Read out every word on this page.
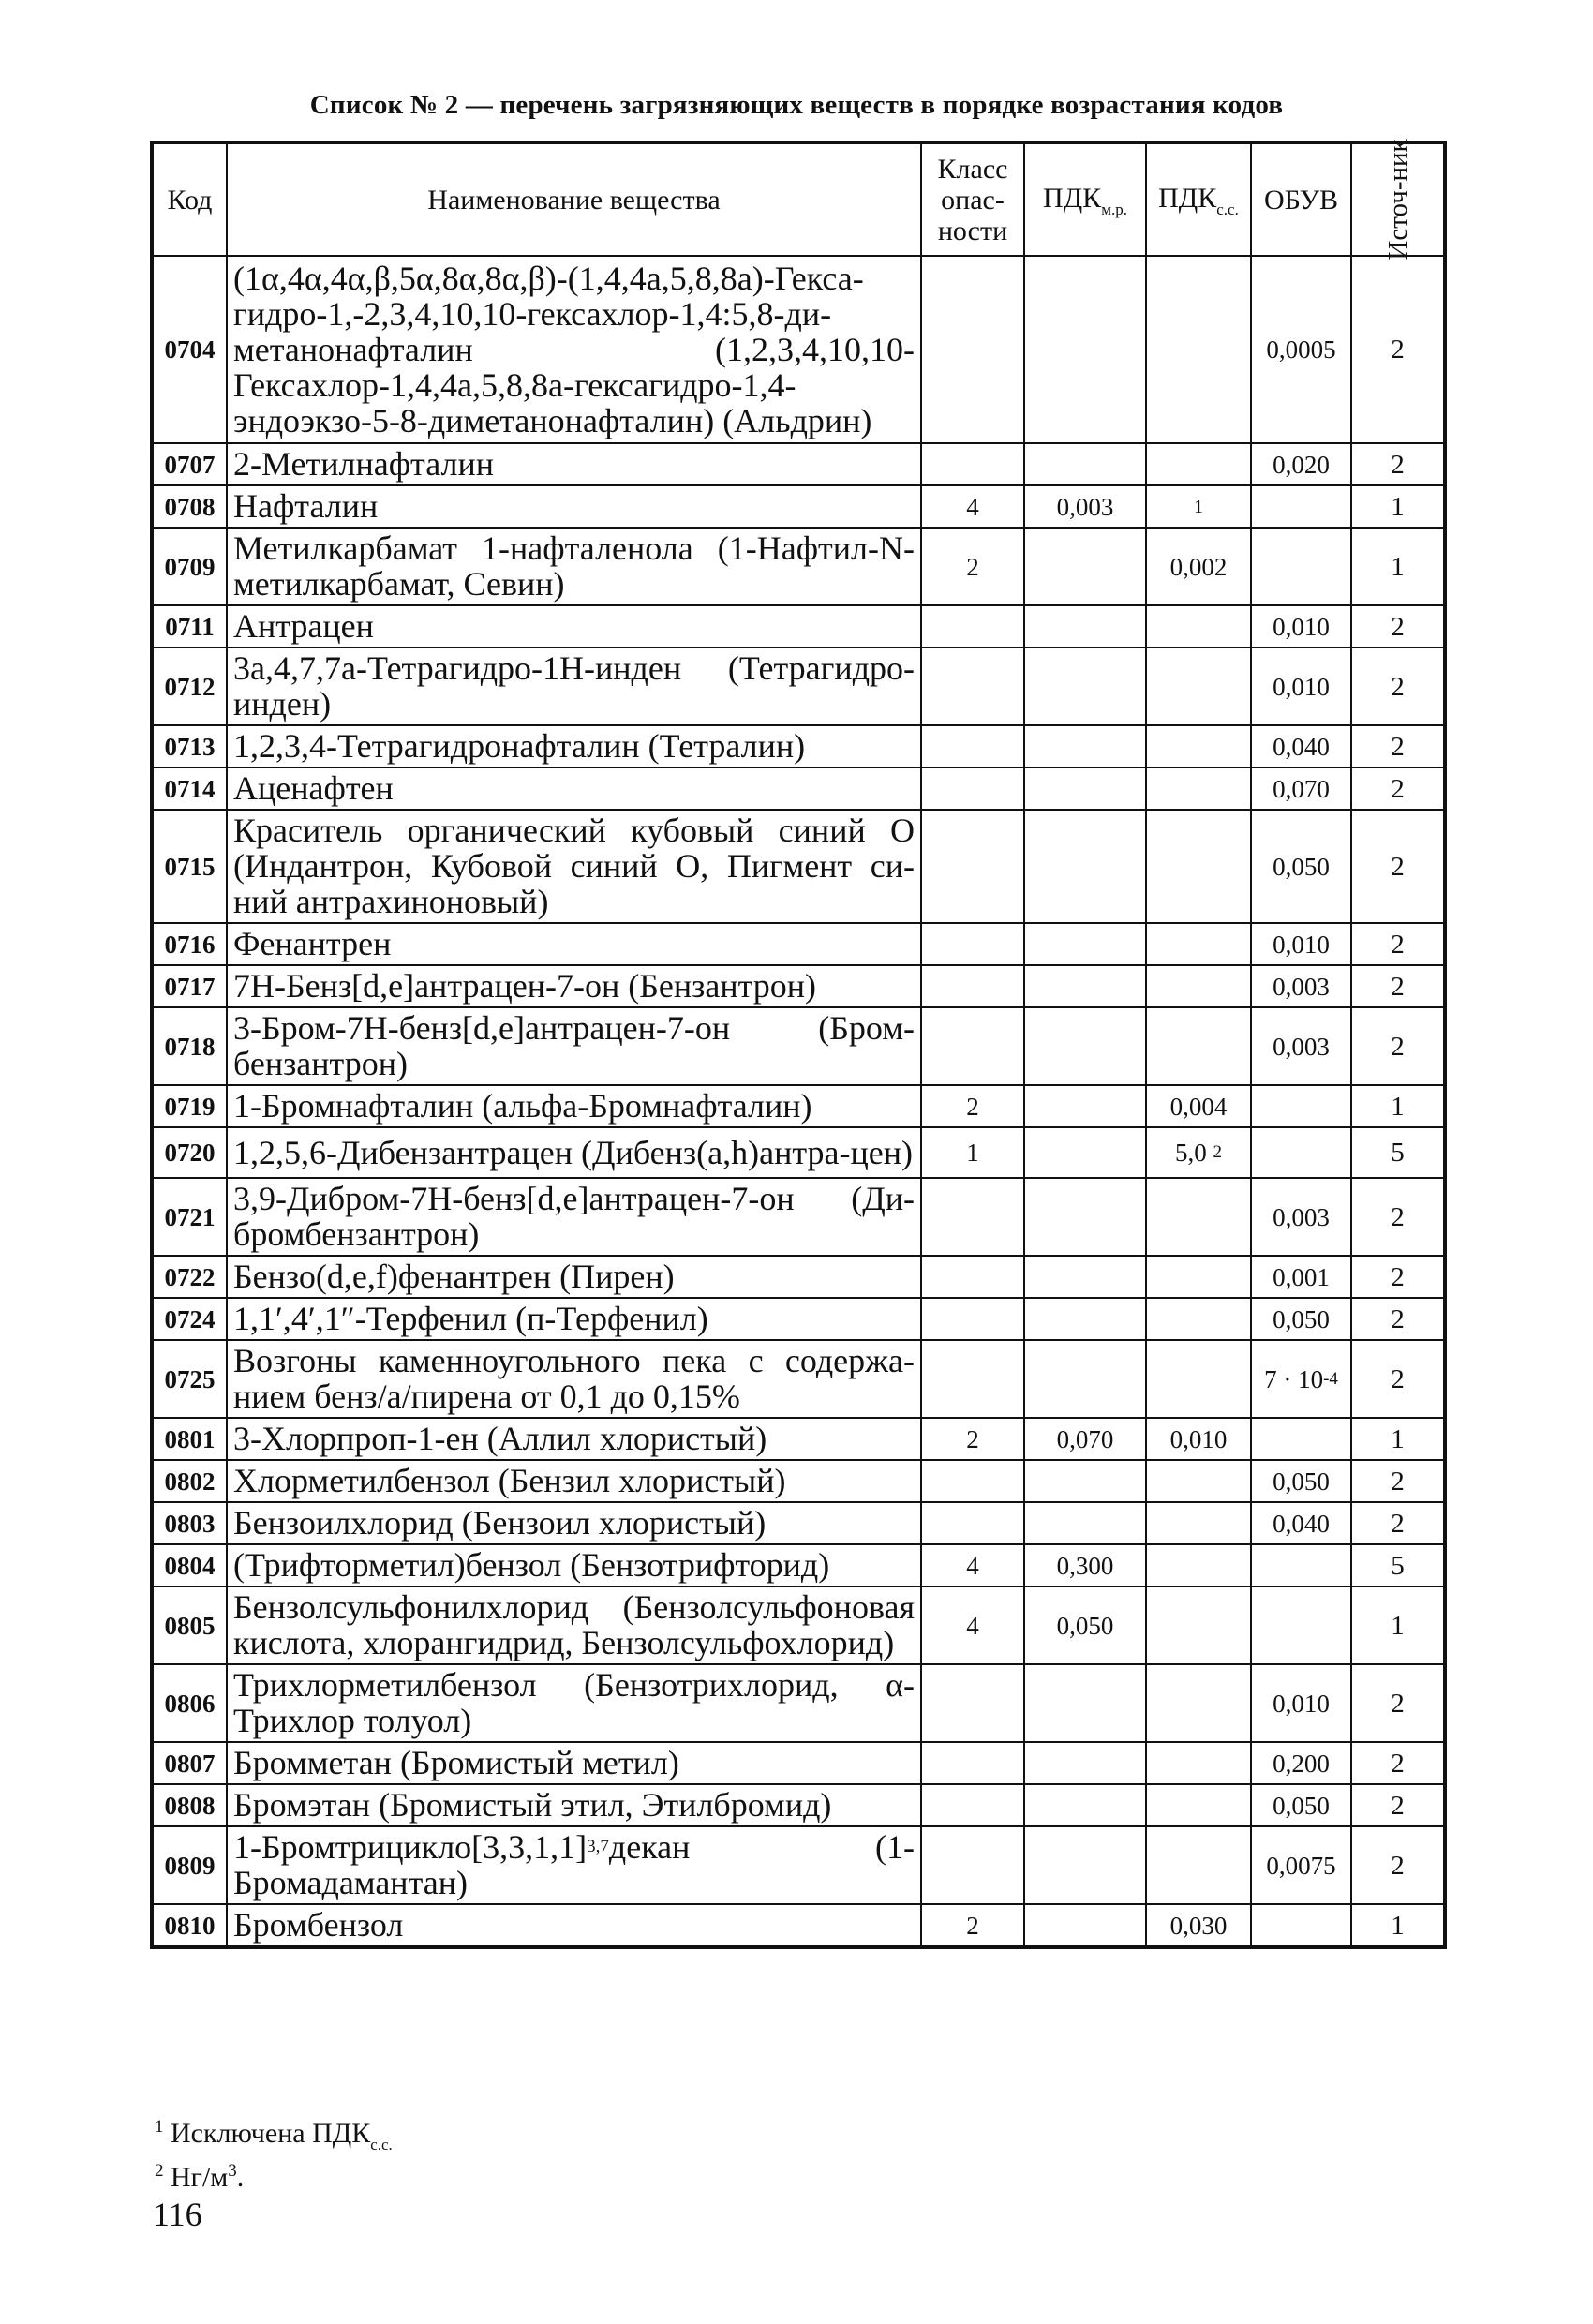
Список № 2 — перечень загрязняющих веществ в порядке возрастания кодов
Код	Наименование вещества	Класс опас-ности	$ПДК_{м.р.}$	$ПДК_{с.с.}$	ОБУВ	Источ-ник

0704	(1α,4α,4α,β,5α,8α,8α,β)-(1,4,4а,5,8,8а)-Гекса-гидро-1,-2,3,4,10,10-гексахлор-1,4:5,8-ди-метанонафталин (1,2,3,4,10,10-Гексахлор-1,4,4а,5,8,8а-гексагидро-1,4-эндоэкзо-5-8-диметанонафталин) (Альдрин)				0,0005	2
0707	2-Метилнафталин				0,020	2
0708	Нафталин	4	0,003	1		1
0709	Метилкарбамат 1-нафталенола (1-Нафтил-N-метилкарбамат, Севин)	2		0,002		1
0711	Антрацен				0,010	2
0712	3а,4,7,7а-Тетрагидро-1Н-инден (Тетрагидро-инден)				0,010	2
0713	1,2,3,4-Тетрагидронафталин (Тетралин)				0,040	2
0714	Аценафтен				0,070	2
0715	Краситель органический кубовый синий О (Индантрон, Кубовой синий О, Пигмент си-ний антрахиноновый)				0,050	2
0716	Фенантрен				0,010	2
0717	7Н-Бенз[d,е]антрацен-7-он (Бензантрон)				0,003	2
0718	3-Бром-7Н-бенз[d,е]антрацен-7-он (Бром-бензантрон)				0,003	2
0719	1-Бромнафталин (альфа-Бромнафталин)	2		0,004		1
0720	1,2,5,6-Дибензантрацен (Дибенз(a,h)антра-цен)	1		5,0 $^2$		5
0721	3,9-Дибром-7Н-бенз[d,е]антрацен-7-он (Ди-бромбензантрон)				0,003	2
0722	Бензо(d,е,f)фенантрен (Пирен)				0,001	2
0724	1,1′,4′,1″-Терфенил (п-Терфенил)				0,050	2
0725	Возгоны каменноугольного пека с содержа-нием бенз/а/пирена от 0,1 до 0,15%				7 · 10$^{-4}$	2
0801	3-Хлорпроп-1-ен (Аллил хлористый)	2	0,070	0,010		1
0802	Хлорметилбензол (Бензил хлористый)				0,050	2
0803	Бензоилхлорид (Бензоил хлористый)				0,040	2
0804	(Трифторметил)бензол (Бензотрифторид)	4	0,300			5
0805	Бензолсульфонилхлорид (Бензолсульфоновая кислота, хлорангидрид, Бензолсульфохлорид)	4	0,050			1
0806	Трихлорметилбензол (Бензотрихлорид, α-Трихлор толуол)				0,010	2
0807	Бромметан (Бромистый метил)				0,200	2
0808	Бромэтан (Бромистый этил, Этилбромид)				0,050	2
0809	1-Бромтрицикло[3,3,1,1]$^{3,7}$декан (1-Бромадамантан)				0,0075	2
0810	Бромбензол	2		0,030		1
$^1$ Исключена $ПДК_{с.с.}$
$^2$ $Нг/м^3$.
116
